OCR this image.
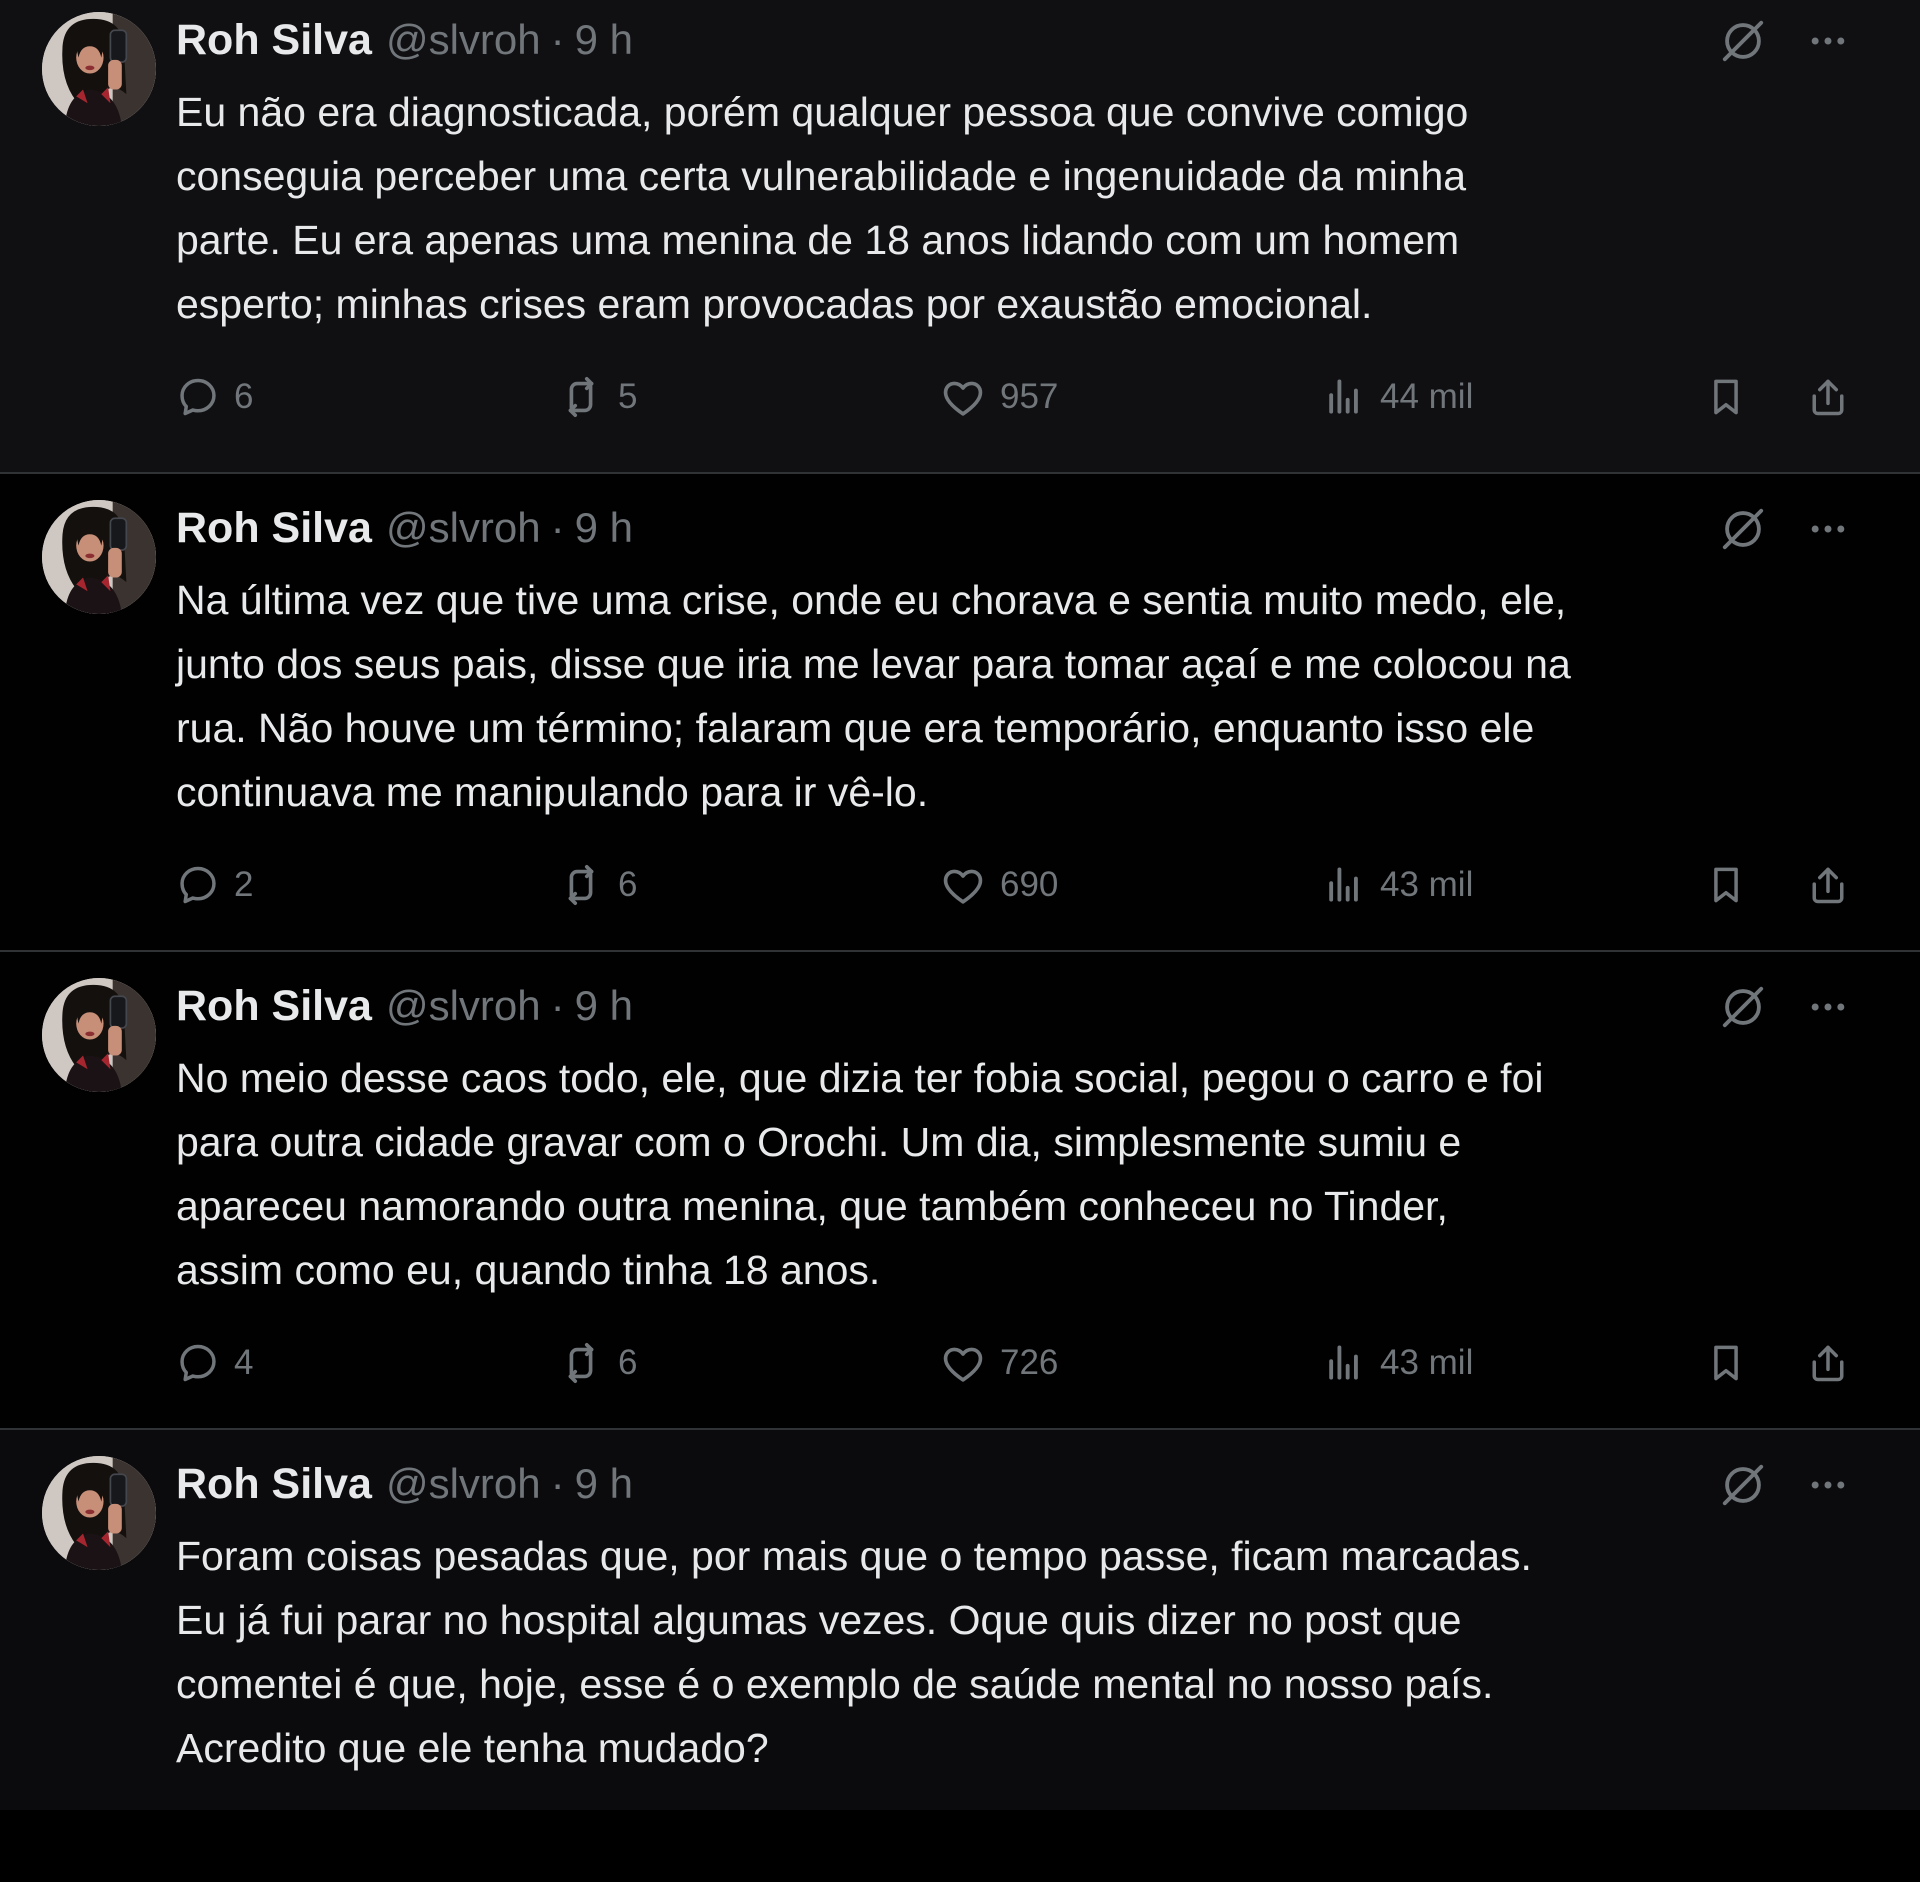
Roh Silva @slvroh · 9 h
Eu não era diagnosticada, porém qualquer pessoa que convive comigo
conseguia perceber uma certa vulnerabilidade e ingenuidade da minha
parte. Eu era apenas uma menina de 18 anos lidando com um homem
esperto; minhas crises eram provocadas por exaustão emocional.
6	5	957	44 mil
Roh Silva @slvroh · 9 h
Na última vez que tive uma crise, onde eu chorava e sentia muito medo, ele,
junto dos seus pais, disse que iria me levar para tomar açaí e me colocou na
rua. Não houve um término; falaram que era temporário, enquanto isso ele
continuava me manipulando para ir vê-lo.
2	6	690	43 mil
Roh Silva @slvroh · 9 h
No meio desse caos todo, ele, que dizia ter fobia social, pegou o carro e foi
para outra cidade gravar com o Orochi. Um dia, simplesmente sumiu e
apareceu namorando outra menina, que também conheceu no Tinder,
assim como eu, quando tinha 18 anos.
4	6	726	43 mil
Roh Silva @slvroh · 9 h
Foram coisas pesadas que, por mais que o tempo passe, ficam marcadas.
Eu já fui parar no hospital algumas vezes. Oque quis dizer no post que
comentei é que, hoje, esse é o exemplo de saúde mental no nosso país.
Acredito que ele tenha mudado?
